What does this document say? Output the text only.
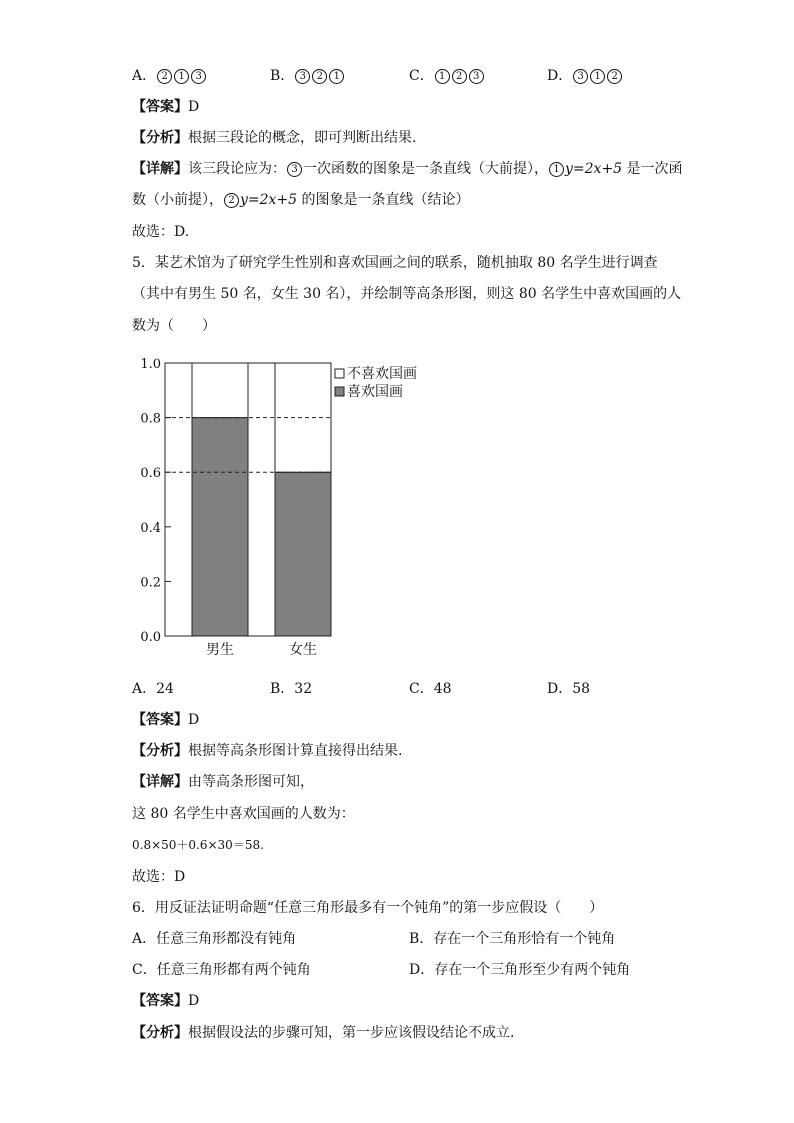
A． 2 1 3	B． 3 2 1	C． 1 2 3	D． 3 1 2
【答案】D
【分析】根据三段论的概念，即可判断出结果.
【详解】该三段论应为： 3 一次函数的图象是一条直线（大前提）， 1 y=2x+5 是一次函
数（小前提）， 2 y=2x+5 的图象是一条直线（结论）
故选：D.
5．某艺术馆为了研究学生性别和喜欢国画之间的联系，随机抽取 80 名学生进行调查
（其中有男生 50 名，女生 30 名），并绘制等高条形图，则这 80 名学生中喜欢国画的人
数为（　　）
男生	女生
0.0
0.2
0.4
0.6
0.8
1.0
不喜欢国画
喜欢国画
A．24	B．32	C．48	D．58
【答案】D
【分析】根据等高条形图计算直接得出结果.
【详解】由等高条形图可知，
这 80 名学生中喜欢国画的人数为：
0.8×50＋0.6×30＝58.
故选：D
6．用反证法证明命题“任意三角形最多有一个钝角”的第一步应假设（　　）
A．任意三角形都没有钝角	B．存在一个三角形恰有一个钝角
C．任意三角形都有两个钝角	D．存在一个三角形至少有两个钝角
【答案】D
【分析】根据假设法的步骤可知，第一步应该假设结论不成立.
